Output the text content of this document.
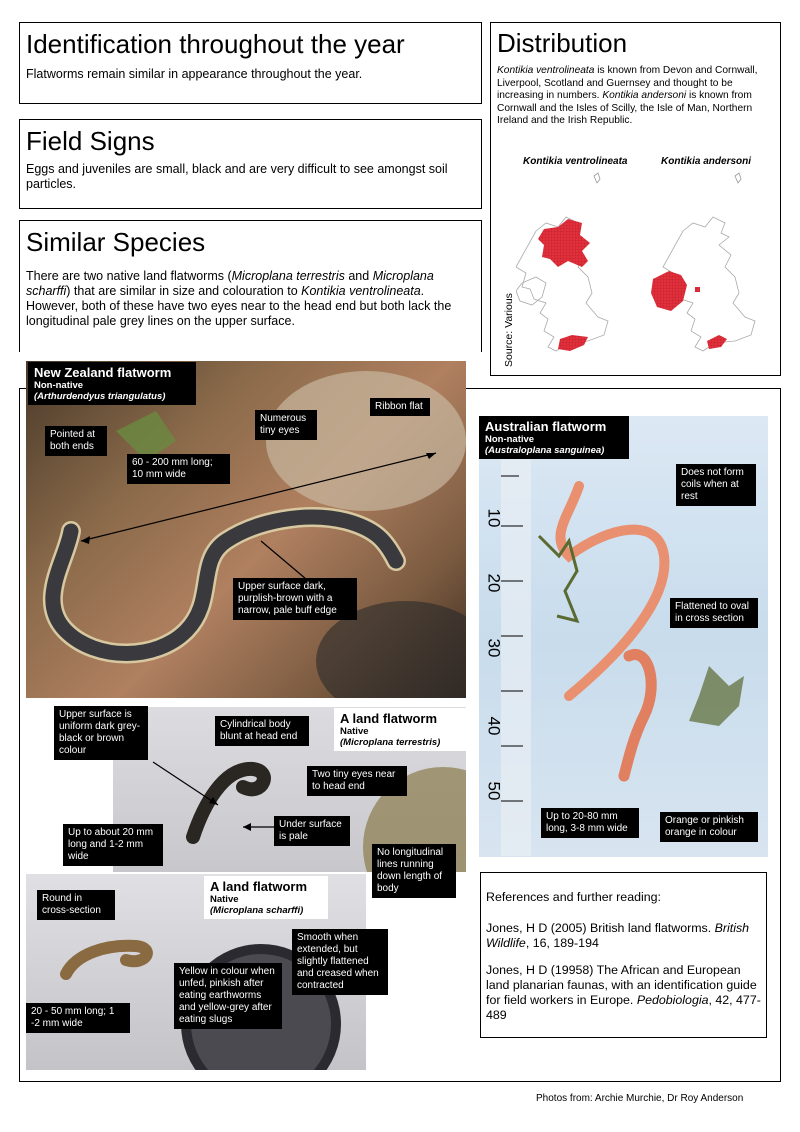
Identification throughout the year
Flatworms remain similar in appearance throughout the year.
Field Signs
Eggs and juveniles are small, black and are very difficult to see amongst soil particles.
Distribution
Kontikia ventrolineata is known from Devon and Cornwall, Liverpool, Scotland and Guernsey and thought to be increasing in numbers. Kontikia andersoni is known from Cornwall and the Isles of Scilly, the Isle of Man, Northern Ireland and the Irish Republic.
Kontikia ventrolineata	Kontikia andersoni
Source: Various
Similar Species
There are two native land flatworms (Microplana terrestris and Microplana scharffi) that are similar in size and colouration to Kontikia ventrolineata. However, both of these have two eyes near to the head end but both lack the longitudinal pale grey lines on the upper surface.
New Zealand flatworm
Non-native
(Arthurdendyus triangulatus)
Pointed at both ends
60 - 200 mm long; 10 mm wide
Numerous tiny eyes
Ribbon flat
Upper surface dark, purplish-brown with a narrow, pale buff edge
10
20
30
40
50
Australian flatworm
Non-native
(Australoplana sanguinea)
Does not form coils when at rest
Flattened to oval in cross section
Up to 20-80 mm long, 3-8 mm wide
Orange or pinkish orange in colour
A land flatworm
Native
(Microplana terrestris)
Upper surface is uniform dark grey-black or brown colour
Cylindrical body blunt at head end
Two tiny eyes near to head end
Under surface is pale
Up to about 20 mm long and 1-2 mm wide	No longitudinal lines running down length of body
A land flatworm
Native
(Microplana scharffi)
Round in cross-section
Smooth when extended, but slightly flattened and creased when contracted
Yellow in colour when unfed, pinkish after eating earthworms and yellow-grey after eating slugs
20 - 50 mm long; 1 -2 mm wide
References and further reading:
Jones, H D (2005) British land flatworms. British Wildlife, 16, 189-194
Jones, H D (19958) The African and European land planarian faunas, with an identification guide for field workers in Europe. Pedobiologia, 42, 477-489
Photos from: Archie Murchie, Dr Roy Anderson
